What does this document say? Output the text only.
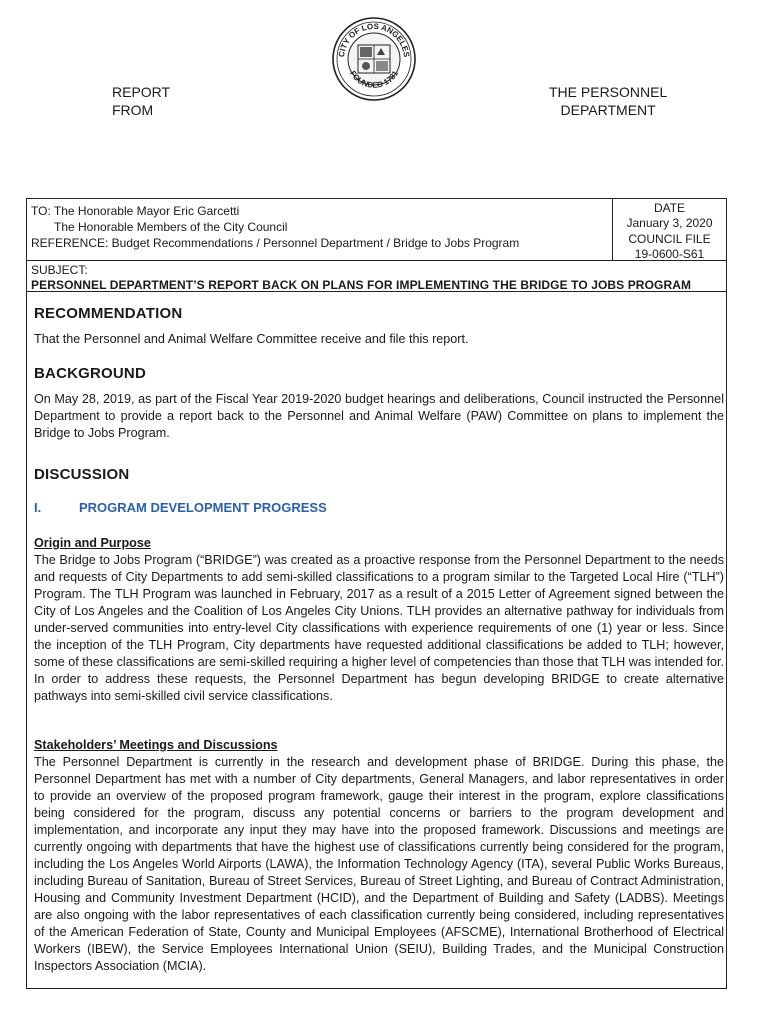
REPORT
FROM
CITY OF LOS ANGELES
FOUNDED 1781
THE PERSONNEL
DEPARTMENT
TO: The Honorable Mayor Eric Garcetti
The Honorable Members of the City Council
REFERENCE: Budget Recommendations / Personnel Department / Bridge to Jobs Program
DATE
January 3, 2020
COUNCIL FILE
19-0600-S61
SUBJECT:
PERSONNEL DEPARTMENT’S REPORT BACK ON PLANS FOR IMPLEMENTING THE BRIDGE TO JOBS PROGRAM
RECOMMENDATION

That the Personnel and Animal Welfare Committee receive and file this report.

BACKGROUND

On May 28, 2019, as part of the Fiscal Year 2019-2020 budget hearings and deliberations, Council instructed the Personnel Department to provide a report back to the Personnel and Animal Welfare (PAW) Committee on plans to implement the Bridge to Jobs Program.

DISCUSSION
I.	PROGRAM DEVELOPMENT PROGRESS
Origin and Purpose

The Bridge to Jobs Program (“BRIDGE”) was created as a proactive response from the Personnel Department to the needs and requests of City Departments to add semi-skilled classifications to a program similar to the Targeted Local Hire (“TLH”) Program. The TLH Program was launched in February, 2017 as a result of a 2015 Letter of Agreement signed between the City of Los Angeles and the Coalition of Los Angeles City Unions. TLH provides an alternative pathway for individuals from under-served communities into entry-level City classifications with experience requirements of one (1) year or less. Since the inception of the TLH Program, City departments have requested additional classifications be added to TLH; however, some of these classifications are semi-skilled requiring a higher level of competencies than those that TLH was intended for. In order to address these requests, the Personnel Department has begun developing BRIDGE to create alternative pathways into semi-skilled civil service classifications.

Stakeholders’ Meetings and Discussions

The Personnel Department is currently in the research and development phase of BRIDGE. During this phase, the Personnel Department has met with a number of City departments, General Managers, and labor representatives in order to provide an overview of the proposed program framework, gauge their interest in the program, explore classifications being considered for the program, discuss any potential concerns or barriers to the program development and implementation, and incorporate any input they may have into the proposed framework. Discussions and meetings are currently ongoing with departments that have the highest use of classifications currently being considered for the program, including the Los Angeles World Airports (LAWA), the Information Technology Agency (ITA), several Public Works Bureaus, including Bureau of Sanitation, Bureau of Street Services, Bureau of Street Lighting, and Bureau of Contract Administration, Housing and Community Investment Department (HCID), and the Department of Building and Safety (LADBS). Meetings are also ongoing with the labor representatives of each classification currently being considered, including representatives of the American Federation of State, County and Municipal Employees (AFSCME), International Brotherhood of Electrical Workers (IBEW), the Service Employees International Union (SEIU), Building Trades, and the Municipal Construction Inspectors Association (MCIA).
